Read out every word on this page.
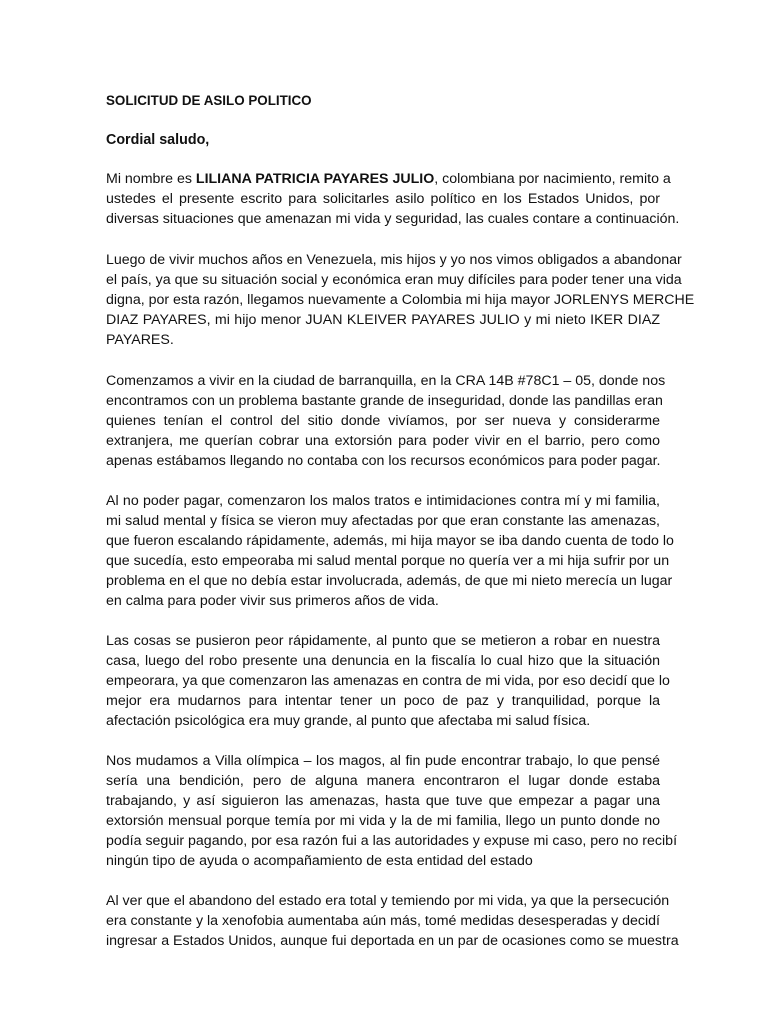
SOLICITUD DE ASILO POLITICO
Cordial saludo,
Mi nombre es LILIANA PATRICIA PAYARES JULIO, colombiana por nacimiento, remito a
ustedes el presente escrito para solicitarles asilo político en los Estados Unidos, por
diversas situaciones que amenazan mi vida y seguridad, las cuales contare a continuación.
Luego de vivir muchos años en Venezuela, mis hijos y yo nos vimos obligados a abandonar
el país, ya que su situación social y económica eran muy difíciles para poder tener una vida
digna, por esta razón, llegamos nuevamente a Colombia mi hija mayor JORLENYS MERCHE
DIAZ PAYARES, mi hijo menor JUAN KLEIVER PAYARES JULIO y mi nieto IKER DIAZ
PAYARES.
Comenzamos a vivir en la ciudad de barranquilla, en la CRA 14B #78C1 – 05, donde nos
encontramos con un problema bastante grande de inseguridad, donde las pandillas eran
quienes tenían el control del sitio donde vivíamos, por ser nueva y considerarme
extranjera, me querían cobrar una extorsión para poder vivir en el barrio, pero como
apenas estábamos llegando no contaba con los recursos económicos para poder pagar.
Al no poder pagar, comenzaron los malos tratos e intimidaciones contra mí y mi familia,
mi salud mental y física se vieron muy afectadas por que eran constante las amenazas,
que fueron escalando rápidamente, además, mi hija mayor se iba dando cuenta de todo lo
que sucedía, esto empeoraba mi salud mental porque no quería ver a mi hija sufrir por un
problema en el que no debía estar involucrada, además, de que mi nieto merecía un lugar
en calma para poder vivir sus primeros años de vida.
Las cosas se pusieron peor rápidamente, al punto que se metieron a robar en nuestra
casa, luego del robo presente una denuncia en la fiscalía lo cual hizo que la situación
empeorara, ya que comenzaron las amenazas en contra de mi vida, por eso decidí que lo
mejor era mudarnos para intentar tener un poco de paz y tranquilidad, porque la
afectación psicológica era muy grande, al punto que afectaba mi salud física.
Nos mudamos a Villa olímpica – los magos, al fin pude encontrar trabajo, lo que pensé
sería una bendición, pero de alguna manera encontraron el lugar donde estaba
trabajando, y así siguieron las amenazas, hasta que tuve que empezar a pagar una
extorsión mensual porque temía por mi vida y la de mi familia, llego un punto donde no
podía seguir pagando, por esa razón fui a las autoridades y expuse mi caso, pero no recibí
ningún tipo de ayuda o acompañamiento de esta entidad del estado
Al ver que el abandono del estado era total y temiendo por mi vida, ya que la persecución
era constante y la xenofobia aumentaba aún más, tomé medidas desesperadas y decidí
ingresar a Estados Unidos, aunque fui deportada en un par de ocasiones como se muestra
